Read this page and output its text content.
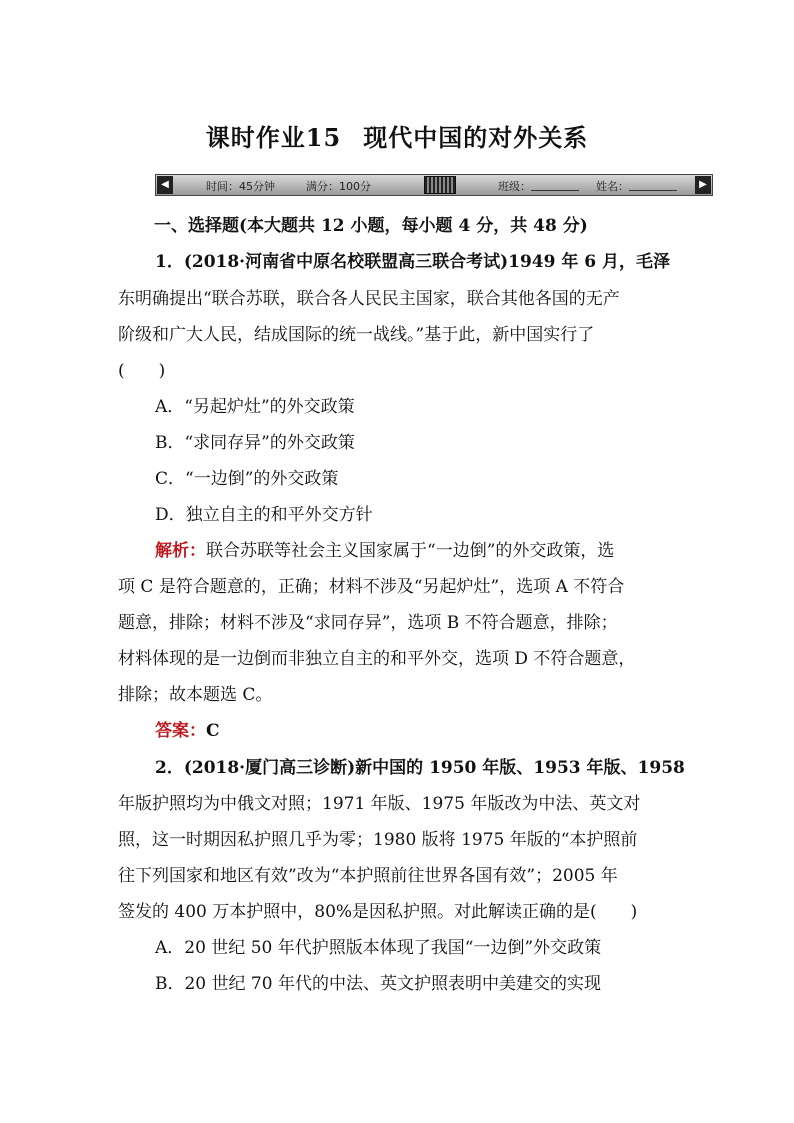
课时作业15 现代中国的对外关系
◀	时间：45分钟	满分：100分	班级：	姓名：	▶
一、选择题(本大题共 12 小题，每小题 4 分，共 48 分)
1．(2018·河南省中原名校联盟高三联合考试)1949 年 6 月，毛泽
东明确提出“联合苏联，联合各人民民主国家，联合其他各国的无产
阶级和广大人民，结成国际的统一战线。”基于此，新中国实行了
(　　)
A．“另起炉灶”的外交政策
B．“求同存异”的外交政策
C．“一边倒”的外交政策
D．独立自主的和平外交方针
解析：联合苏联等社会主义国家属于“一边倒”的外交政策，选
项 C 是符合题意的，正确；材料不涉及“另起炉灶”，选项 A 不符合
题意，排除；材料不涉及“求同存异”，选项 B 不符合题意，排除；
材料体现的是一边倒而非独立自主的和平外交，选项 D 不符合题意，
排除；故本题选 C。
答案：C
2．(2018·厦门高三诊断)新中国的 1950 年版、1953 年版、1958
年版护照均为中俄文对照；1971 年版、1975 年版改为中法、英文对
照，这一时期因私护照几乎为零；1980 版将 1975 年版的“本护照前
往下列国家和地区有效”改为“本护照前往世界各国有效”；2005 年
签发的 400 万本护照中，80%是因私护照。对此解读正确的是(　　)
A．20 世纪 50 年代护照版本体现了我国“一边倒”外交政策
B．20 世纪 70 年代的中法、英文护照表明中美建交的实现
